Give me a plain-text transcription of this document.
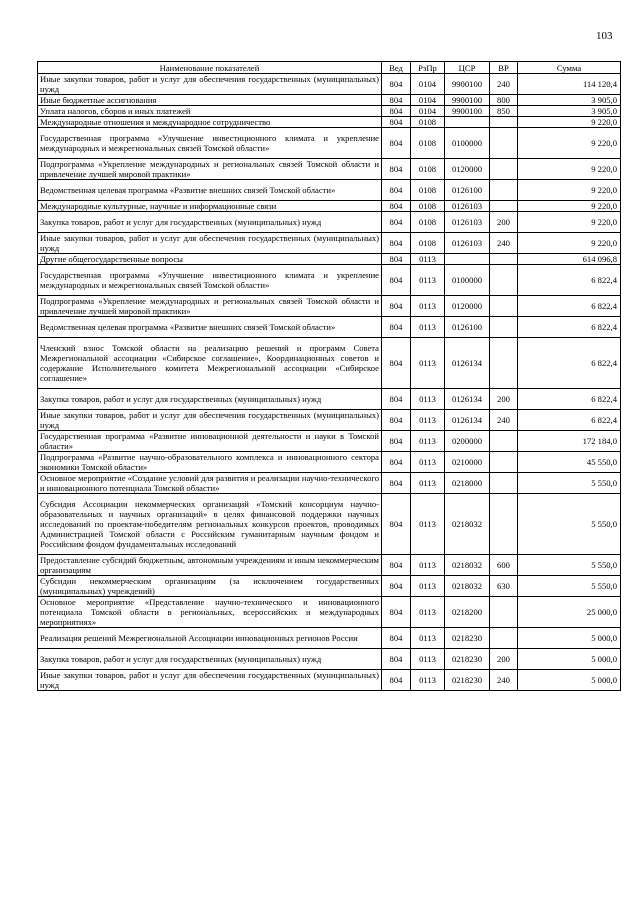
103
Наименование показателей	Вед	РзПр	ЦСР	ВР	Сумма
Иные закупки товаров, работ и услуг для обеспечения государственных (муниципальных) нужд	804	0104	9900100	240	114 120,4
Иные бюджетные ассигнования	804	0104	9900100	800	3 905,0
Уплата налогов, сборов и иных платежей	804	0104	9900100	850	3 905,0
Международные отношения и международное сотрудничество	804	0108			9 220,0
Государственная программа «Улучшение инвестиционного климата и укрепление международных и межрегиональных связей Томской области»	804	0108	0100000		9 220,0
Подпрограмма «Укрепление международных и региональных связей Томской области и привлечение лучшей мировой практики»	804	0108	0120000		9 220,0
Ведомственная целевая программа «Развитие внешних связей Томской области»	804	0108	0126100		9 220,0
Международные культурные, научные и информационные связи	804	0108	0126103		9 220,0
Закупка товаров, работ и услуг для государственных (муниципальных) нужд	804	0108	0126103	200	9 220,0
Иные закупки товаров, работ и услуг для обеспечения государственных (муниципальных) нужд	804	0108	0126103	240	9 220,0
Другие общегосударственные вопросы	804	0113			614 096,8
Государственная программа «Улучшение инвестиционного климата и укрепление международных и межрегиональных связей Томской области»	804	0113	0100000		6 822,4
Подпрограмма «Укрепление международных и региональных связей Томской области и привлечение лучшей мировой практики»	804	0113	0120000		6 822,4
Ведомственная целевая программа «Развитие внешних связей Томской области»	804	0113	0126100		6 822,4
Членский взнос Томской области на реализацию решений и программ Совета Межрегиональной ассоциации «Сибирское соглашение», Координационных советов и содержание Исполнительного комитета Межрегиональной ассоциации «Сибирское соглашение»	804	0113	0126134		6 822,4
Закупка товаров, работ и услуг для государственных (муниципальных) нужд	804	0113	0126134	200	6 822,4
Иные закупки товаров, работ и услуг для обеспечения государственных (муниципальных) нужд	804	0113	0126134	240	6 822,4
Государственная программа «Развитие инновационной деятельности и науки в Томской области»	804	0113	0200000		172 184,0
Подпрограмма «Развитие научно-образовательного комплекса и инновационного сектора экономики Томской области»	804	0113	0210000		45 550,0
Основное мероприятие «Создание условий для развития и реализации научно-технического и инновационного потенциала Томской области»	804	0113	0218000		5 550,0
Субсидия Ассоциации некоммерческих организаций «Томский консорциум научно-образовательных и научных организаций» в целях финансовой поддержки научных исследований по проектам-победителям региональных конкурсов проектов, проводимых Администрацией Томской области с Российским гуманитарным научным фондом и Российским фондом фундаментальных исследований	804	0113	0218032		5 550,0
Предоставление субсидий бюджетным, автономным учреждениям и иным некоммерческим организациям	804	0113	0218032	600	5 550,0
Субсидии некоммерческим организациям (за исключением государственных (муниципальных) учреждений)	804	0113	0218032	630	5 550,0
Основное мероприятие «Представление научно-технического и инновационного потенциала Томской области в региональных, всероссийских и международных мероприятиях»	804	0113	0218200		25 000,0
Реализация решений Межрегиональной Ассоциации инновационных регионов России	804	0113	0218230		5 000,0
Закупка товаров, работ и услуг для государственных (муниципальных) нужд	804	0113	0218230	200	5 000,0
Иные закупки товаров, работ и услуг для обеспечения государственных (муниципальных) нужд	804	0113	0218230	240	5 000,0
